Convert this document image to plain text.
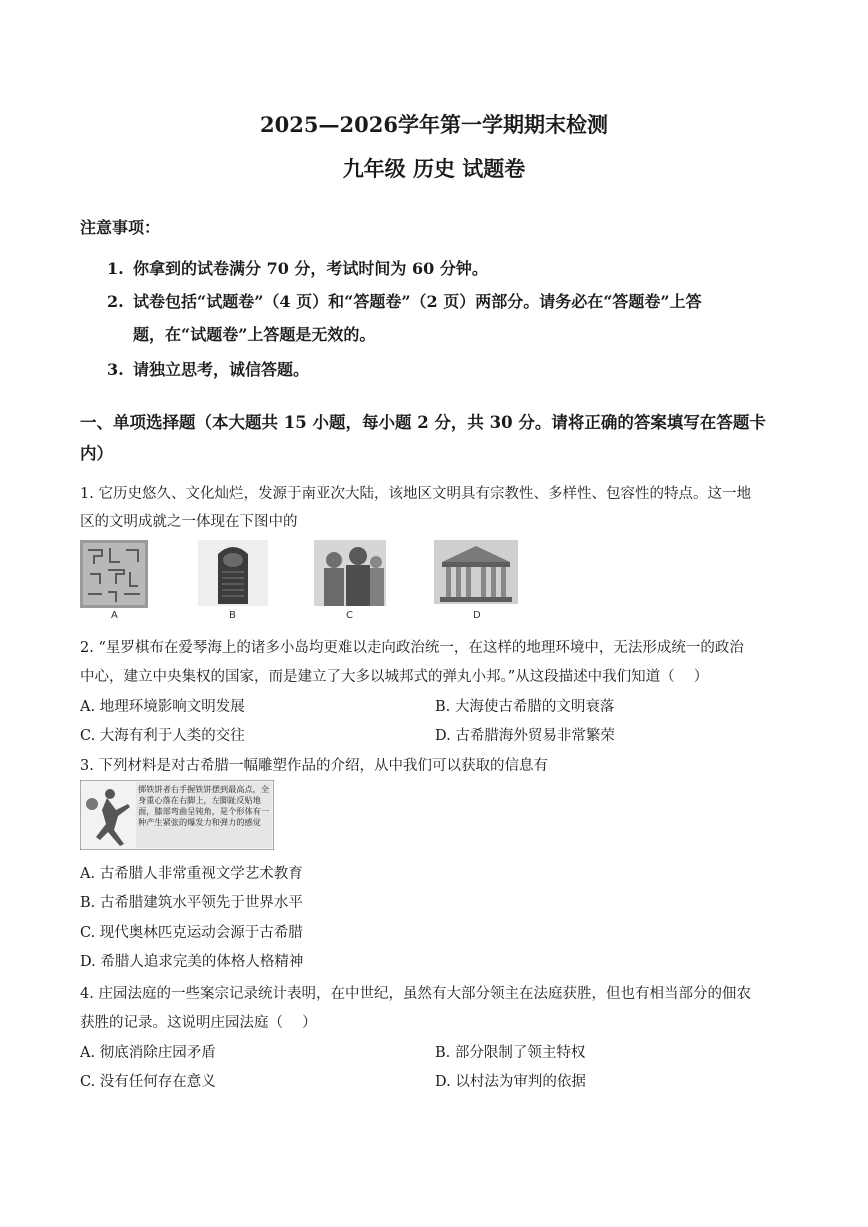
2025—2026学年第一学期期末检测
九年级 历史 试题卷
注意事项：
1. 你拿到的试卷满分 70 分，考试时间为 60 分钟。
2. 试卷包括“试题卷”（4 页）和“答题卷”（2 页）两部分。请务必在“答题卷”上答
题，在“试题卷”上答题是无效的。
3. 请独立思考，诚信答题。
一、单项选择题（本大题共 15 小题，每小题 2 分，共 30 分。请将正确的答案填写在答题卡
内）
1. 它历史悠久、文化灿烂，发源于南亚次大陆，该地区文明具有宗教性、多样性、包容性的特点。这一地
区的文明成就之一体现在下图中的
A	B	C	D
2. “星罗棋布在爱琴海上的诸多小岛均更难以走向政治统一，在这样的地理环境中，无法形成统一的政治
中心，建立中央集权的国家，而是建立了大多以城邦式的弹丸小邦。”从这段描述中我们知道（　 ）
A. 地理环境影响文明发展	B. 大海使古希腊的文明衰落
C. 大海有利于人类的交往	D. 古希腊海外贸易非常繁荣
3. 下列材料是对古希腊一幅雕塑作品的介绍，从中我们可以获取的信息有
掷铁饼者右手握铁饼摆到最高点，全身重心落在右脚上，左脚趾反贴地面，膝部弯曲呈钝角，是个形体有一种产生紧张的爆发力和弹力的感觉
A. 古希腊人非常重视文学艺术教育
B. 古希腊建筑水平领先于世界水平
C. 现代奥林匹克运动会源于古希腊
D. 希腊人追求完美的体格人格精神
4. 庄园法庭的一些案宗记录统计表明，在中世纪，虽然有大部分领主在法庭获胜，但也有相当部分的佃农
获胜的记录。这说明庄园法庭（　 ）
A. 彻底消除庄园矛盾	B. 部分限制了领主特权
C. 没有任何存在意义	D. 以村法为审判的依据
